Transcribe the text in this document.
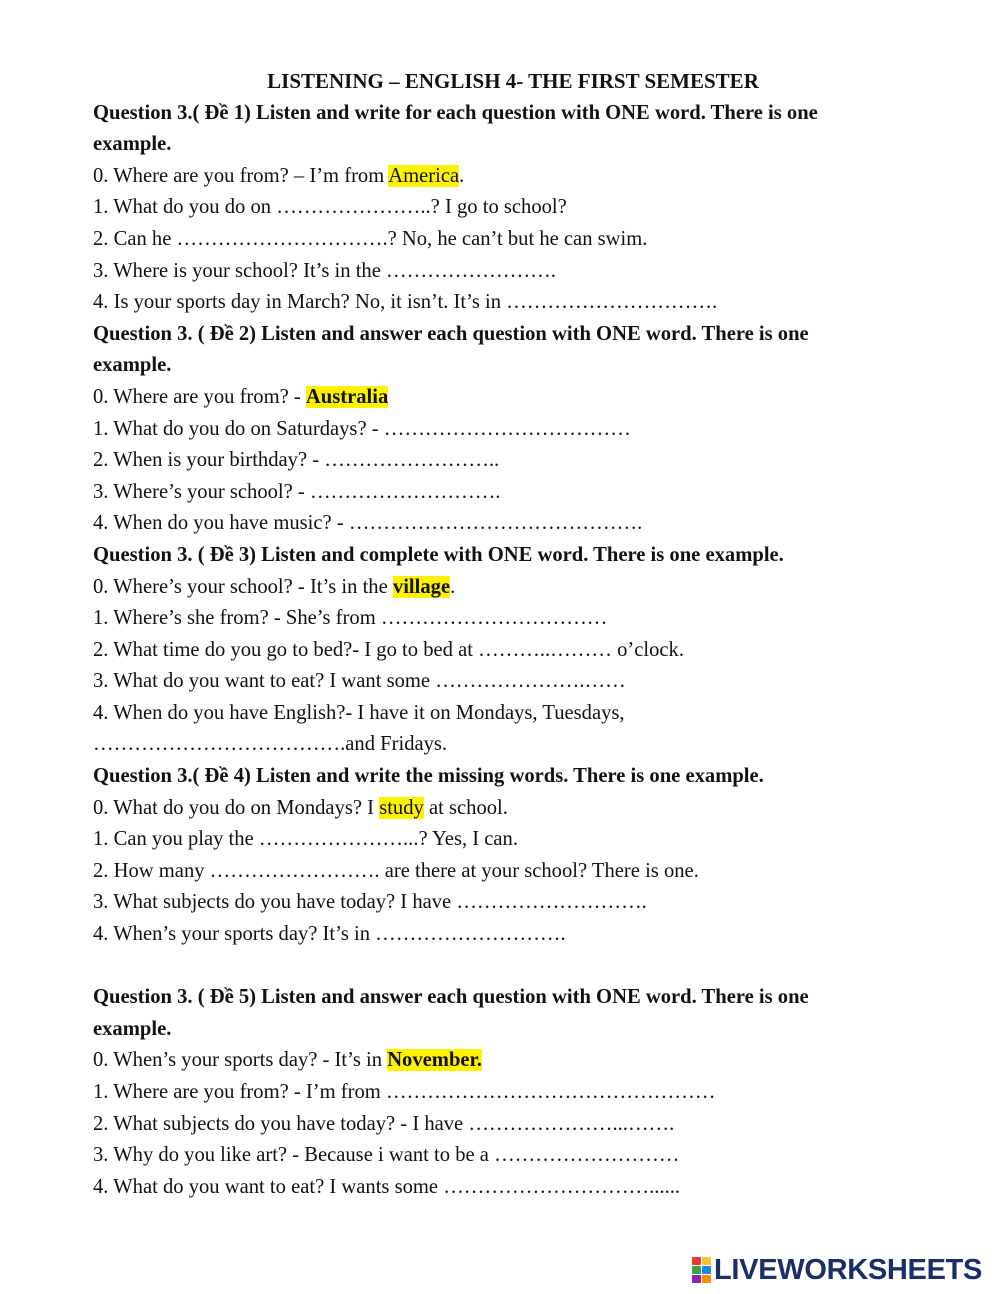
LISTENING – ENGLISH 4- THE FIRST SEMESTER
Question 3.( Đề 1) Listen and write for each question with ONE word. There is one
example.
0. Where are you from? – I’m from America.
1. What do you do on …………………..? I go to school?
2. Can he ………………………….? No, he can’t but he can swim.
3. Where is your school? It’s in the …………………….
4. Is your sports day in March? No, it isn’t. It’s in ………………………….
Question 3. ( Đề 2) Listen and answer each question with ONE word. There is one
example.
0. Where are you from? - Australia
1. What do you do on Saturdays? - ………………………………
2. When is your birthday? - ……………………..
3. Where’s your school? - ……………………….
4. When do you have music? - …………………………………….
Question 3. ( Đề 3) Listen and complete with ONE word. There is one example.
0. Where’s your school? - It’s in the village.
1. Where’s she from? - She’s from ……………………………
2. What time do you go to bed?- I go to bed at ………..……… o’clock.
3. What do you want to eat? I want some ………………….……
4. When do you have English?- I have it on Mondays, Tuesdays,
……………………………….and Fridays.
Question 3.( Đề 4) Listen and write the missing words. There is one example.
0. What do you do on Mondays? I study at school.
1. Can you play the …………………...? Yes, I can.
2. How many ……………………. are there at your school? There is one.
3. What subjects do you have today? I have ……………………….
4. When’s your sports day? It’s in ……………………….
Question 3. ( Đề 5) Listen and answer each question with ONE word. There is one
example.
0. When’s your sports day? - It’s in November.
1. Where are you from? - I’m from …………………………………………
2. What subjects do you have today? - I have …………………...…….
3. Why do you like art? - Because i want to be a ………………………
4. What do you want to eat? I wants some …………………………......
LIVEWORKSHEETS
